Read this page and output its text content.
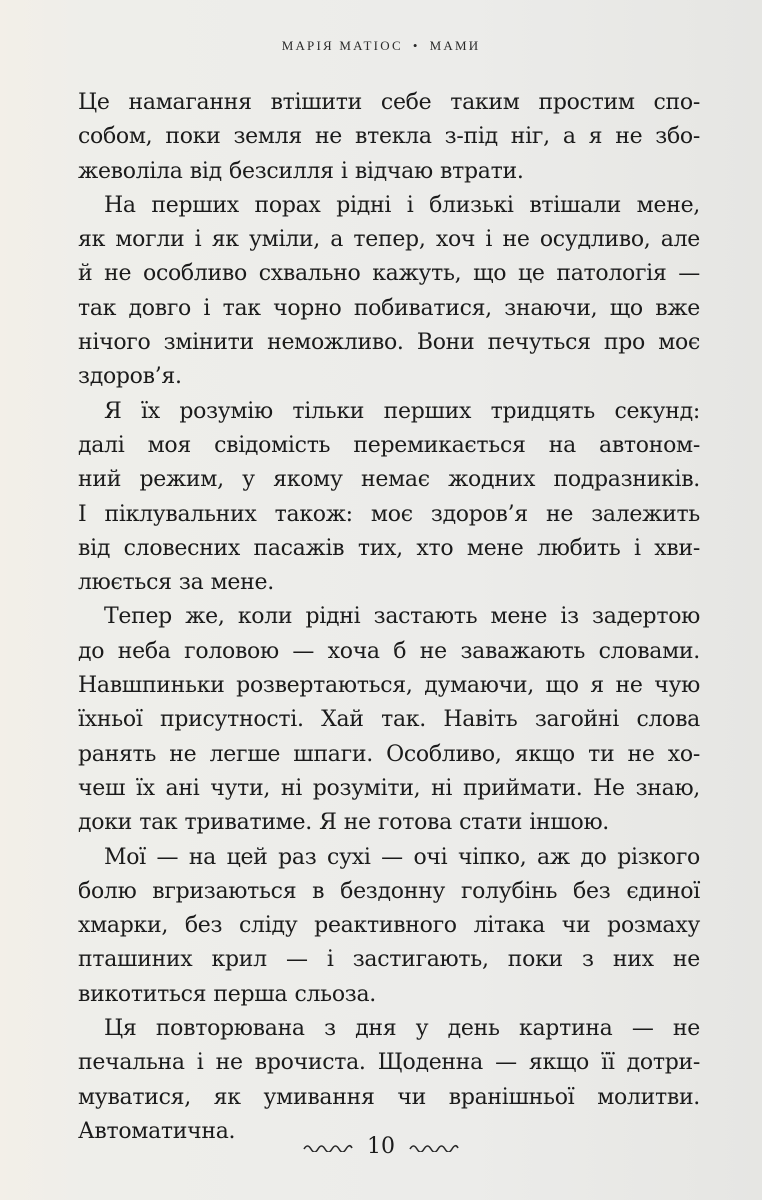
МАРІЯ МАТІОС • МАМИ
Це намагання втішити себе таким простим спо-
собом, поки земля не втекла з-під ніг, а я не збо-
жеволіла від безсилля і відчаю втрати.
На перших порах рідні і близькі втішали мене,
як могли і як уміли, а тепер, хоч і не осудливо, але
й не особливо схвально кажуть, що це патологія —
так довго і так чорно побиватися, знаючи, що вже
нічого змінити неможливо. Вони печуться про моє
здоров’я.
Я їх розумію тільки перших тридцять секунд:
далі моя свідомість перемикається на автоном-
ний режим, у якому немає жодних подразників.
І піклувальних також: моє здоров’я не залежить
від словесних пасажів тих, хто мене любить і хви-
люється за мене.
Тепер же, коли рідні застають мене із задертою
до неба головою — хоча б не заважають словами.
Навшпиньки розвертаються, думаючи, що я не чую
їхньої присутності. Хай так. Навіть загойні слова
ранять не легше шпаги. Особливо, якщо ти не хо-
чеш їх ані чути, ні розуміти, ні приймати. Не знаю,
доки так триватиме. Я не готова стати іншою.
Мої — на цей раз сухі — очі чіпко, аж до різкого
болю вгризаються в бездонну голубінь без єдиної
хмарки, без сліду реактивного літака чи розмаху
пташиних крил — і застигають, поки з них не
викотиться перша сльоза.
Ця повторювана з дня у день картина — не
печальна і не врочиста. Щоденна — якщо її дотри-
муватися, як умивання чи вранішньої молитви.
Автоматична.
10
